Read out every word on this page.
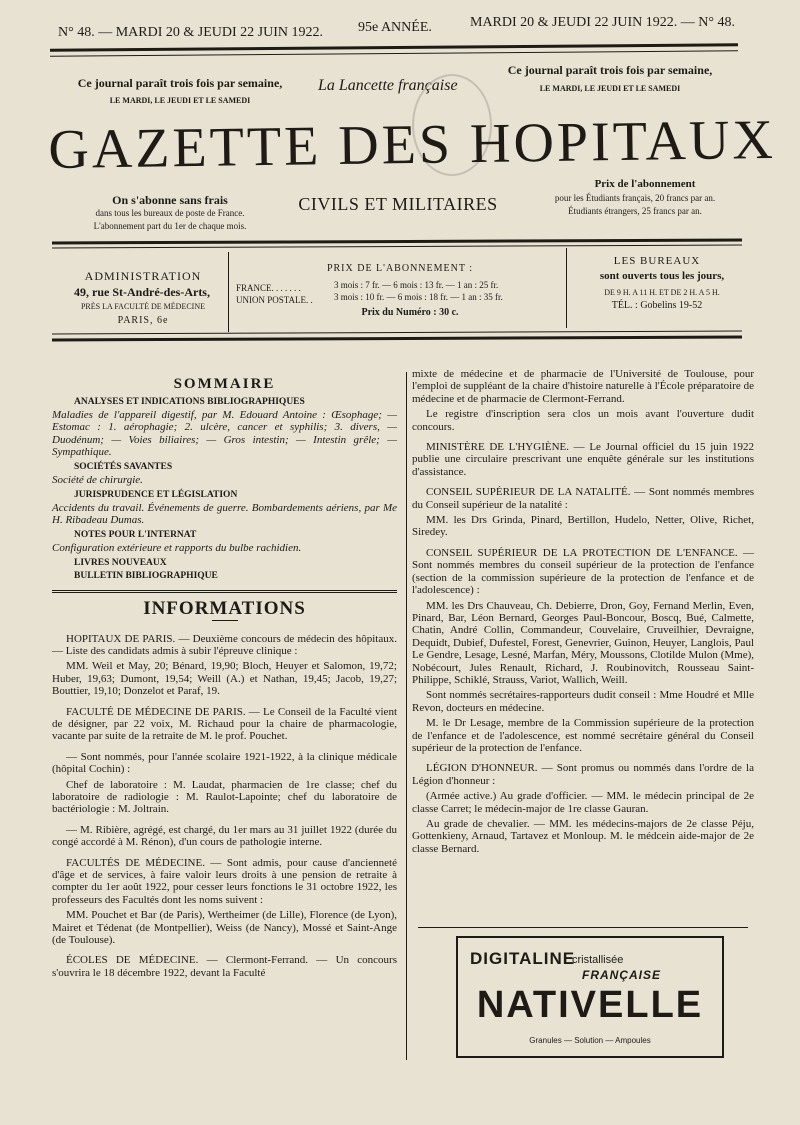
N° 48. — MARDI 20 & JEUDI 22 JUIN 1922.	95e ANNÉE.	MARDI 20 & JEUDI 22 JUIN 1922. — N° 48.
Ce journal paraît trois fois par semaine,
LE MARDI, LE JEUDI ET LE SAMEDI
Ce journal paraît trois fois par semaine,
LE MARDI, LE JEUDI ET LE SAMEDI
La Lancette française
GAZETTE DES HOPITAUX
On s'abonne sans frais
dans tous les bureaux de poste de France.
L'abonnement part du 1er de chaque mois.
CIVILS ET MILITAIRES
Prix de l'abonnement
pour les Étudiants français, 20 francs par an.
Étudiants étrangers, 25 francs par an.
ADMINISTRATION
49, rue St-André-des-Arts,
PRÈS LA FACULTÉ DE MÉDECINE
PARIS, 6e
PRIX DE L'ABONNEMENT :
FRANCE. . . . . . .	3 mois : 7 fr. — 6 mois : 13 fr. — 1 an : 25 fr.
UNION POSTALE. . 3 mois : 10 fr. — 6 mois : 18 fr. — 1 an : 35 fr.
Prix du Numéro : 30 c.
LES BUREAUX
sont ouverts tous les jours,
DE 9 H. A 11 H. ET DE 2 H. A 5 H.
TÉL. : Gobelins 19-52
SOMMAIRE
ANALYSES ET INDICATIONS BIBLIOGRAPHIQUES

Maladies de l'appareil digestif, par M. Edouard Antoine : Œsophage; — Estomac : 1. aérophagie; 2. ulcère, cancer et syphilis; 3. divers, — Duodénum; — Voies biliaires; — Gros intestin; — Intestin grêle; — Sympathique.

SOCIÉTÉS SAVANTES

Société de chirurgie.

JURISPRUDENCE ET LÉGISLATION

Accidents du travail. Événements de guerre. Bombardements aériens, par Me H. Ribadeau Dumas.

NOTES POUR L'INTERNAT

Configuration extérieure et rapports du bulbe rachidien.

LIVRES NOUVEAUX
BULLETIN BIBLIOGRAPHIQUE
INFORMATIONS

HOPITAUX DE PARIS. — Deuxième concours de médecin des hôpitaux. — Liste des candidats admis à subir l'épreuve clinique :

MM. Weil et May, 20; Bénard, 19,90; Bloch, Heuyer et Salomon, 19,72; Huber, 19,63; Dumont, 19,54; Weill (A.) et Nathan, 19,45; Jacob, 19,27; Bouttier, 19,10; Donzelot et Paraf, 19.

FACULTÉ DE MÉDECINE DE PARIS. — Le Conseil de la Faculté vient de désigner, par 22 voix, M. Richaud pour la chaire de pharmacologie, vacante par suite de la retraite de M. le prof. Pouchet.

— Sont nommés, pour l'année scolaire 1921-1922, à la clinique médicale (hôpital Cochin) :

Chef de laboratoire : M. Laudat, pharmacien de 1re classe; chef du laboratoire de radiologie : M. Raulot-Lapointe; chef du laboratoire de bactériologie : M. Joltrain.

— M. Ribière, agrégé, est chargé, du 1er mars au 31 juillet 1922 (durée du congé accordé à M. Rénon), d'un cours de pathologie interne.

FACULTÉS DE MÉDECINE. — Sont admis, pour cause d'ancienneté d'âge et de services, à faire valoir leurs droits à une pension de retraite à compter du 1er août 1922, pour cesser leurs fonctions le 31 octobre 1922, les professeurs des Facultés dont les noms suivent :

MM. Pouchet et Bar (de Paris), Wertheimer (de Lille), Florence (de Lyon), Mairet et Tédenat (de Montpellier), Weiss (de Nancy), Mossé et Saint-Ange (de Toulouse).

ÉCOLES DE MÉDECINE. — Clermont-Ferrand. — Un concours s'ouvrira le 18 décembre 1922, devant la Faculté

mixte de médecine et de pharmacie de l'Université de Toulouse, pour l'emploi de suppléant de la chaire d'histoire naturelle à l'École préparatoire de médecine et de pharmacie de Clermont-Ferrand.

Le registre d'inscription sera clos un mois avant l'ouverture dudit concours.

MINISTÈRE DE L'HYGIÈNE. — Le Journal officiel du 15 juin 1922 publie une circulaire prescrivant une enquête générale sur les institutions d'assistance.

CONSEIL SUPÉRIEUR DE LA NATALITÉ. — Sont nommés membres du Conseil supérieur de la natalité :

MM. les Drs Grinda, Pinard, Bertillon, Hudelo, Netter, Olive, Richet, Siredey.

CONSEIL SUPÉRIEUR DE LA PROTECTION DE L'ENFANCE. — Sont nommés membres du conseil supérieur de la protection de l'enfance (section de la commission supérieure de la protection de l'enfance et de l'adolescence) :

MM. les Drs Chauveau, Ch. Debierre, Dron, Goy, Fernand Merlin, Even, Pinard, Bar, Léon Bernard, Georges Paul-Boncour, Boscq, Bué, Calmette, Chatin, André Collin, Commandeur, Couvelaire, Cruveilhier, Devraigne, Dequidt, Dubief, Dufestel, Forest, Genevrier, Guinon, Heuyer, Langlois, Paul Le Gendre, Lesage, Lesné, Marfan, Méry, Moussons, Clotilde Mulon (Mme), Nobécourt, Jules Renault, Richard, J. Roubinovitch, Rousseau Saint-Philippe, Schiklé, Strauss, Variot, Wallich, Weill.

Sont nommés secrétaires-rapporteurs dudit conseil : Mme Houdré et Mlle Revon, docteurs en médecine.

M. le Dr Lesage, membre de la Commission supérieure de la protection de l'enfance et de l'adolescence, est nommé secrétaire général du Conseil supérieur de la protection de l'enfance.

LÉGION D'HONNEUR. — Sont promus ou nommés dans l'ordre de la Légion d'honneur :

(Armée active.) Au grade d'officier. — MM. le médecin principal de 2e classe Carret; le médecin-major de 1re classe Gauran.

Au grade de chevalier. — MM. les médecins-majors de 2e classe Péju, Gottenkieny, Arnaud, Tartavez et Monloup. M. le médcein aide-major de 2e classe Bernard.

DIGITALINE
cristallisée
FRANÇAISE
NATIVELLE
Granules — Solution — Ampoules
